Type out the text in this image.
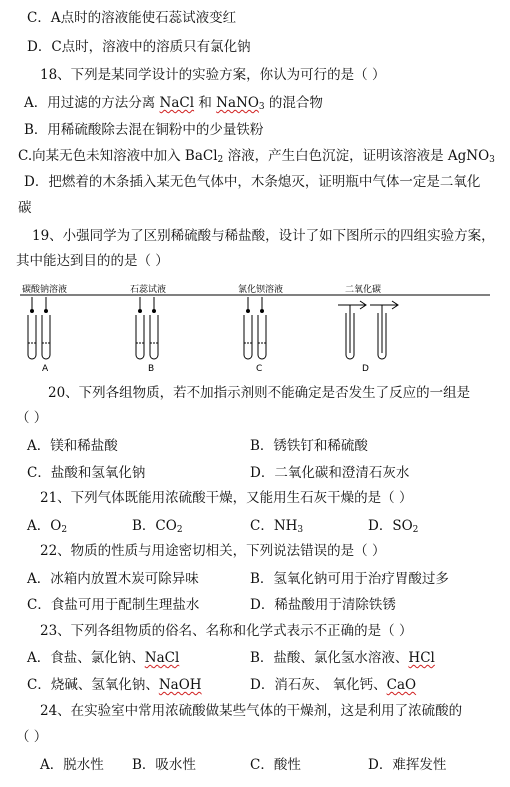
C．A点时的溶液能使石蕊试液变红
D．C点时，溶液中的溶质只有氯化钠
18、下列是某同学设计的实验方案，你认为可行的是（ ）
A．用过滤的方法分离 NaCl 和 NaNO$_3$ 的混合物
B．用稀硫酸除去混在铜粉中的少量铁粉
C.向某无色未知溶液中加入 BaCl$_2$ 溶液，产生白色沉淀，证明该溶液是 AgNO$_3$
D．把燃着的木条插入某无色气体中，木条熄灭，证明瓶中气体一定是二氧化
碳
19、小强同学为了区别稀硫酸与稀盐酸，设计了如下图所示的四组实验方案，
其中能达到目的的是（ ）
碳酸钠溶液	石蕊试液	氯化钡溶液	二氧化碳
A	B	C	D
20、下列各组物质，若不加指示剂则不能确定是否发生了反应的一组是
（ ）
A．镁和稀盐酸	B．锈铁钉和稀硫酸
C．盐酸和氢氧化钠	D．二氧化碳和澄清石灰水
21、下列气体既能用浓硫酸干燥，又能用生石灰干燥的是（ ）
A．$O_2$	B．$CO_2$	C．$NH_3$	D．$SO_2$
22、物质的性质与用途密切相关，下列说法错误的是（ ）
A．冰箱内放置木炭可除异味	B．氢氧化钠可用于治疗胃酸过多
C．食盐可用于配制生理盐水	D．稀盐酸用于清除铁锈
23、下列各组物质的俗名、名称和化学式表示不正确的是（ ）
A．食盐、氯化钠、NaCl	B．盐酸、氯化氢水溶液、HCl
C．烧碱、氢氧化钠、NaOH	D．消石灰、 氧化钙、CaO
24、在实验室中常用浓硫酸做某些气体的干燥剂，这是利用了浓硫酸的
（ ）
A．脱水性 B．吸水性	C．酸性	D．难挥发性
